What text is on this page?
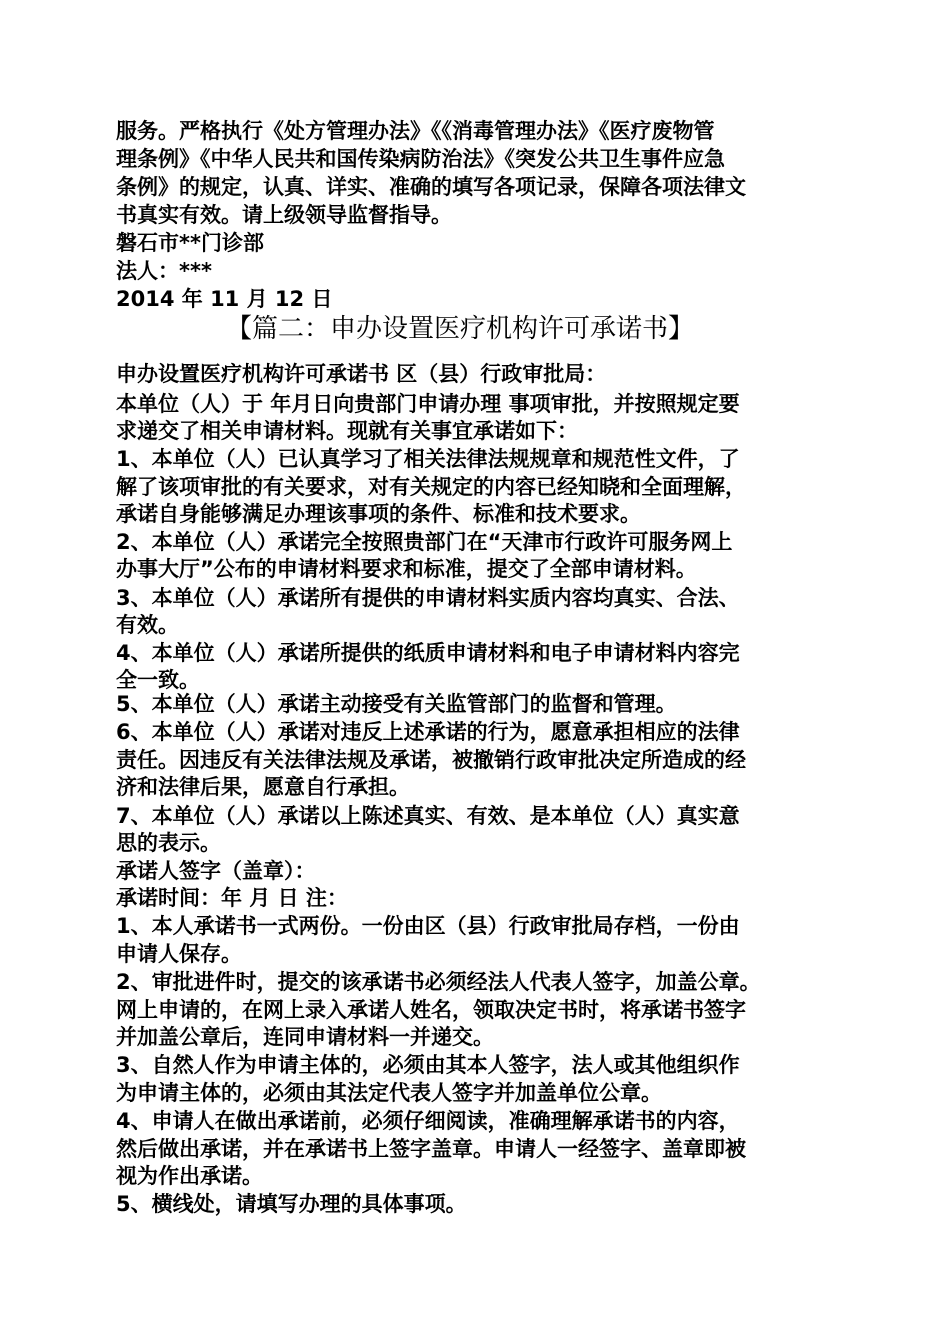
服务。严格执行《处方管理办法》《《消毒管理办法》《医疗废物管
理条例》《中华人民共和国传染病防治法》《突发公共卫生事件应急
条例》的规定，认真、详实、准确的填写各项记录，保障各项法律文
书真实有效。请上级领导监督指导。
磐石市**门诊部
法人：***
2014 年 11 月 12 日
【篇二：申办设置医疗机构许可承诺书】
申办设置医疗机构许可承诺书 区（县）行政审批局：
本单位（人）于 年月日向贵部门申请办理 事项审批，并按照规定要
求递交了相关申请材料。现就有关事宜承诺如下：
1、本单位（人）已认真学习了相关法律法规规章和规范性文件，了
解了该项审批的有关要求，对有关规定的内容已经知晓和全面理解，
承诺自身能够满足办理该事项的条件、标准和技术要求。
2、本单位（人）承诺完全按照贵部门在“天津市行政许可服务网上
办事大厅”公布的申请材料要求和标准，提交了全部申请材料。
3、本单位（人）承诺所有提供的申请材料实质内容均真实、合法、
有效。
4、本单位（人）承诺所提供的纸质申请材料和电子申请材料内容完
全一致。
5、本单位（人）承诺主动接受有关监管部门的监督和管理。
6、本单位（人）承诺对违反上述承诺的行为，愿意承担相应的法律
责任。因违反有关法律法规及承诺，被撤销行政审批决定所造成的经
济和法律后果，愿意自行承担。
7、本单位（人）承诺以上陈述真实、有效、是本单位（人）真实意
思的表示。
承诺人签字（盖章）：
承诺时间：年 月 日 注：
1、本人承诺书一式两份。一份由区（县）行政审批局存档，一份由
申请人保存。
2、审批进件时，提交的该承诺书必须经法人代表人签字，加盖公章。
网上申请的，在网上录入承诺人姓名，领取决定书时，将承诺书签字
并加盖公章后，连同申请材料一并递交。
3、自然人作为申请主体的，必须由其本人签字，法人或其他组织作
为申请主体的，必须由其法定代表人签字并加盖单位公章。
4、申请人在做出承诺前，必须仔细阅读，准确理解承诺书的内容，
然后做出承诺，并在承诺书上签字盖章。申请人一经签字、盖章即被
视为作出承诺。
5、横线处，请填写办理的具体事项。
